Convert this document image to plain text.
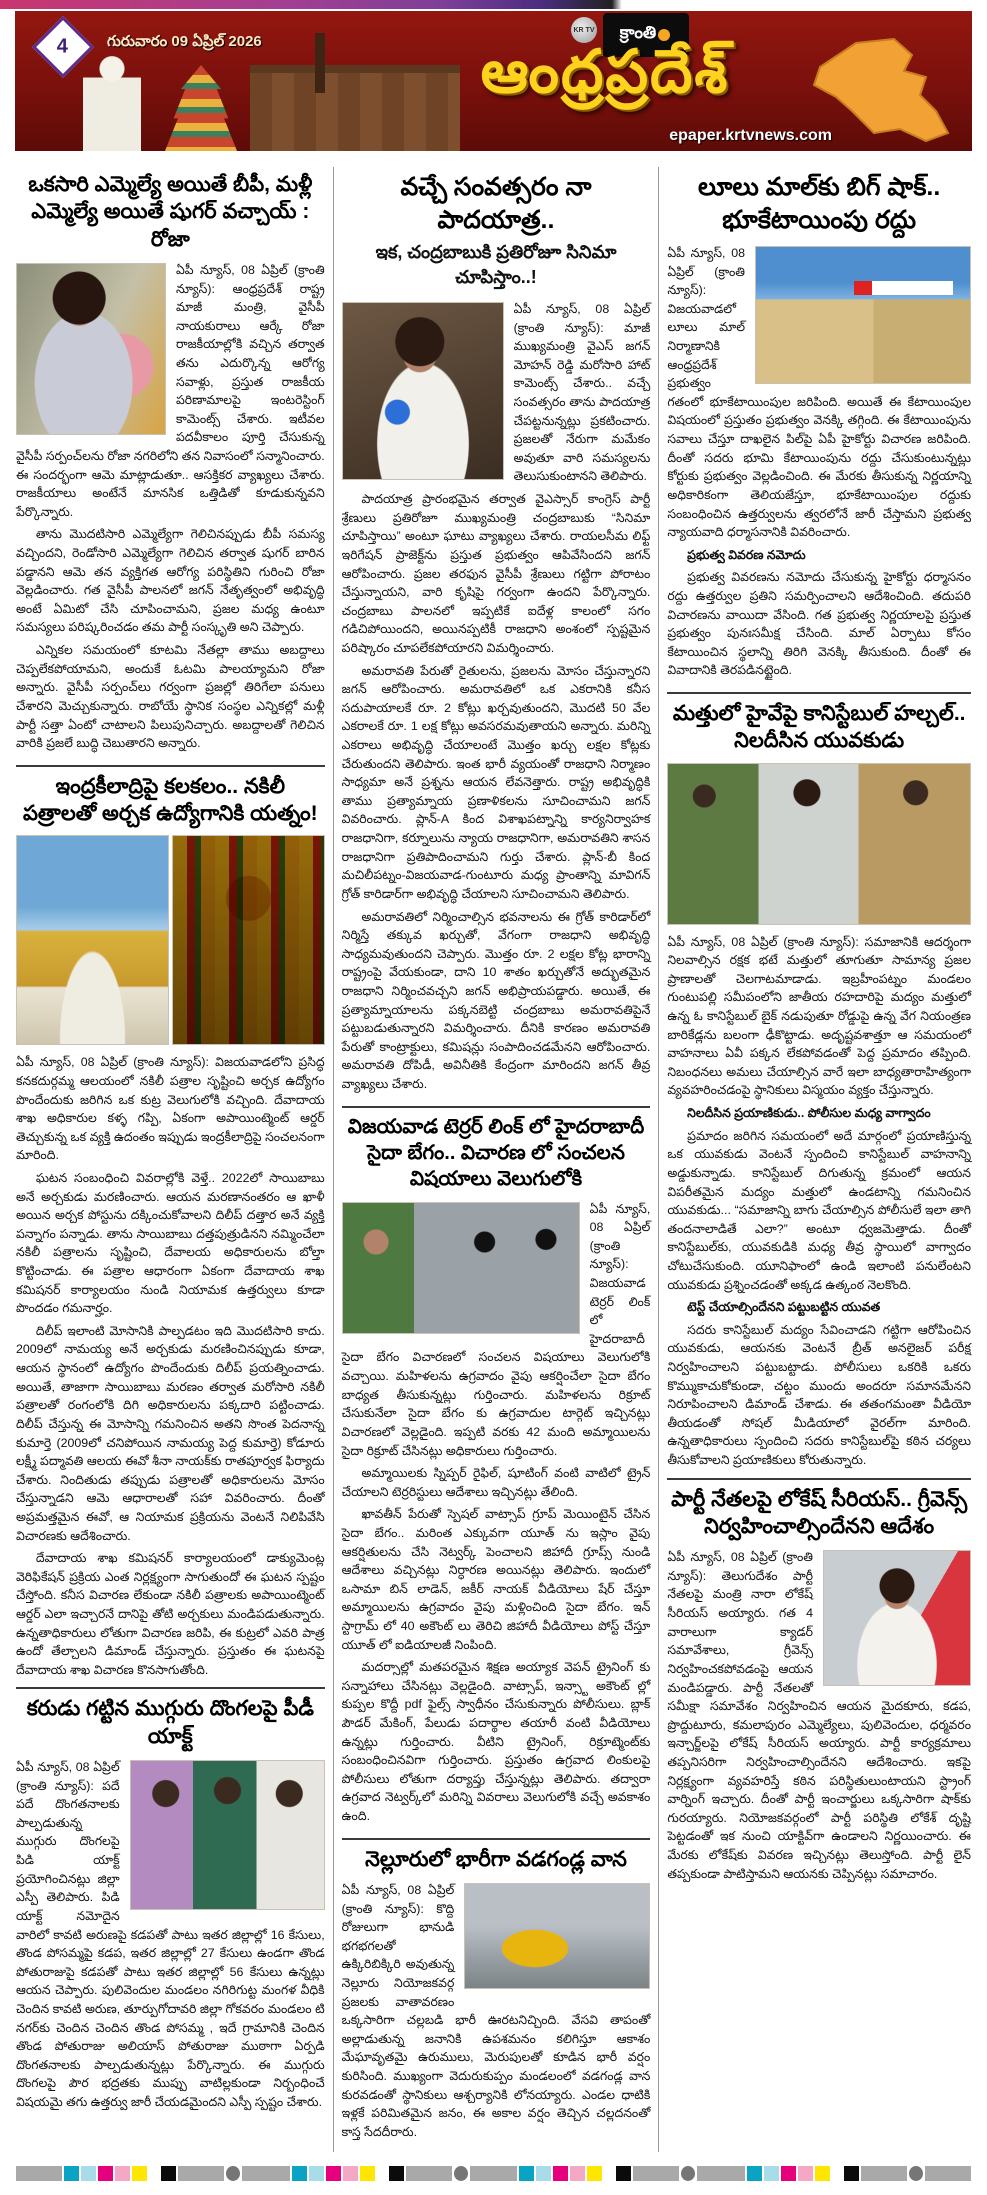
4	గురువారం 09 ఏప్రిల్ 2026
KR TV క్రాంతి
ఆంధ్రప్రదేశ్
epaper.krtvnews.com
ఒకసారి ఎమ్మెల్యే అయితే బీపీ, మళ్లీ ఎమ్మెల్యే అయితే షుగర్ వచ్చాయ్ : రోజా

ఏపీ న్యూస్, 08 ఏప్రిల్ (క్రాంతి న్యూస్): ఆంధ్రప్రదేశ్ రాష్ట్ర మాజీ మంత్రి, వైసీపీ నాయకురాలు ఆర్కే రోజా రాజకీయాల్లోకి వచ్చిన తర్వాత తను ఎదుర్కొన్న ఆరోగ్య సవాళ్లు, ప్రస్తుత రాజకీయ పరిణామాలపై ఇంటరెస్టింగ్ కామెంట్స్ చేశారు. ఇటీవల పదవీకాలం పూర్తి చేసుకున్న వైసీపీ సర్పంచ్‌లను రోజా నగరిలోని తన నివాసంలో సన్మానించారు. ఈ సందర్భంగా ఆమె మాట్లాడుతూ.. ఆసక్తికర వ్యాఖ్యలు చేశారు. రాజకీయాలు అంటేనే మానసిక ఒత్తిడితో కూడుకున్నవని పేర్కొన్నారు.

తాను మొదటిసారి ఎమ్మెల్యేగా గెలిచినప్పుడు బీపీ సమస్య వచ్చిందని, రెండోసారి ఎమ్మెల్యేగా గెలిచిన తర్వాత షుగర్ బారిన పడ్డానని ఆమె తన వ్యక్తిగత ఆరోగ్య పరిస్థితిని గురించి రోజా వెల్లడించారు. గత వైసీపీ పాలనలో జగన్ నేతృత్వంలో అభివృద్ధి అంటే ఏమిటో చేసి చూపించామని, ప్రజల మధ్య ఉంటూ సమస్యలు పరిష్కరించడం తమ పార్టీ సంస్కృతి అని చెప్పారు.

ఎన్నికల సమయంలో కూటమి నేతల్లా తాము అబద్దాలు చెప్పలేకపోయామని, అందుకే ఓటమి పాలయ్యామని రోజా అన్నారు. వైసీపీ సర్పంచ్‌లు గర్వంగా ప్రజల్లో తిరిగేలా పనులు చేశారని మెచ్చుకున్నారు. రాబోయే స్థానిక సంస్థల ఎన్నికల్లో మళ్లీ పార్టీ సత్తా ఏంటో చాటాలని పిలుపునిచ్చారు. అబద్దాలతో గెలిచిన వారికి ప్రజలే బుద్ధి చెబుతారని అన్నారు.

ఇంద్రకీలాద్రిపై కలకలం.. నకిలీ పత్రాలతో అర్చక ఉద్యోగానికి యత్నం!

ఏపీ న్యూస్, 08 ఏప్రిల్ (క్రాంతి న్యూస్): విజయవాడలోని ప్రసిద్ధ కనకదుర్గమ్మ ఆలయంలో నకిలీ పత్రాల సృష్టించి అర్చక ఉద్యోగం పొందేందుకు జరిగిన ఒక కుట్ర వెలుగులోకి వచ్చింది. దేవాదాయ శాఖ అధికారుల కళ్ళ గప్పి, ఏకంగా అపాయింట్మెంట్ ఆర్డర్ తెచ్చుకున్న ఒక వ్యక్తి ఉదంతం ఇప్పుడు ఇంద్రకీలాద్రిపై సంచలనంగా మారింది.

ఘటన సంబంధించి వివరాల్లోకి వెళ్తే.. 2022లో సాయిబాబు అనే అర్చకుడు మరణించారు. ఆయన మరణానంతరం ఆ ఖాళీ అయిన అర్చక పోస్టును దక్కించుకోవాలని దిలీప్ దత్తార అనే వ్యక్తి పన్నాగం పన్నాడు. తాను సాయిబాబు దత్తపుత్రుడినని నమ్మించేలా నకిలీ పత్రాలను సృష్టించి, దేవాలయ అధికారులను బోల్తా కొట్టించాడు. ఈ పత్రాల ఆధారంగా ఏకంగా దేవాదాయ శాఖ కమిషనర్ కార్యాలయం నుండి నియామక ఉత్తర్వులు కూడా పొందడం గమనార్హం.

దిలీప్ ఇలాంటి మోసానికి పాల్పడటం ఇది మొదటిసారి కాదు. 2009లో నామయ్య అనే అర్చకుడు మరణించినప్పుడు కూడా, ఆయన స్థానంలో ఉద్యోగం పొందేందుకు దిలీప్ ప్రయత్నించాడు. అయితే, తాజాగా సాయిబాబు మరణం తర్వాత మరోసారి నకిలీ పత్రాలతో రంగంలోకి దిగి అధికారులను పక్కదారి పట్టించాడు. దిలీప్ చేస్తున్న ఈ మోసాన్ని గమనించిన అతని సొంత పెదనాన్న కుమార్తె (2009లో చనిపోయిన నామయ్య పెద్ద కుమార్తె) కోడూరు లక్ష్మీ పద్మావతి ఆలయ ఈవో శీనా నాయక్‌కు రాతపూర్వక ఫిర్యాదు చేశారు. నిందితుడు తప్పుడు పత్రాలతో అధికారులను మోసం చేస్తున్నాడని ఆమె ఆధారాలతో సహా వివరించారు. దీంతో అప్రమత్తమైన ఈవో, ఆ నియామక ప్రక్రియను వెంటనే నిలిపివేసి విచారణకు ఆదేశించారు.

దేవాదాయ శాఖ కమిషనర్ కార్యాలయంలో డాక్యుమెంట్ల వెరిఫికేషన్ ప్రక్రియ ఎంత నిర్లక్ష్యంగా సాగుతుందో ఈ ఘటన స్పష్టం చేస్తోంది. కనీస విచారణ లేకుండా నకిలీ పత్రాలకు అపాయింట్మెంట్ ఆర్డర్ ఎలా ఇచ్చారనే దానిపై తోటి అర్చకులు మండిపడుతున్నారు. ఉన్నతాధికారులు లోతుగా విచారణ జరిపి, ఈ కుట్రలో ఎవరి పాత్ర ఉందో తేల్చాలని డిమాండ్ చేస్తున్నారు. ప్రస్తుతం ఈ ఘటనపై దేవాదాయ శాఖ విచారణ కొనసాగుతోంది.

కరుడు గట్టిన ముగ్గురు దొంగలపై పీడీ యాక్ట్

ఏపీ న్యూస్, 08 ఏప్రిల్ (క్రాంతి న్యూస్): పదే పదే దొంగతనాలకు పాల్పడుతున్న ముగ్గురు దొంగలపై పిడి యాక్ట్ ప్రయోగించినట్లు జిల్లా ఎస్పీ తెలిపారు. పిడి యాక్ట్ నమోదైన వారిలో కావటి అరుణపై కడపతో పాటు ఇతర జిల్లాల్లో 16 కేసులు, తొండ పోసమ్మపై కడప, ఇతర జిల్లాల్లో 27 కేసులు ఉండగా తొండ పోతురాజుపై కడపతో పాటు ఇతర జిల్లాల్లో 56 కేసులు ఉన్నట్లు ఆయన చెప్పారు. పులివెందుల మండలం నగిరిగుట్ట మంగళ వీధికి చెందిన కావటి అరుణ, తూర్పుగోదావరి జిల్లా గోకవరం మండలం టి నగర్‌కు చెందిన చెందిన తొండ పోసమ్మ , ఇదే గ్రామానికి చెందిన తొండ పోతురాజు అలియాస్ పోతురాజు ముఠాగా ఏర్పడి దొంగతనాలకు పాల్పడుతున్నట్లు పేర్కొన్నారు. ఈ ముగ్గురు దొంగలపై పౌర భద్రతకు ముప్పు వాటిల్లకుండా నిర్బంధించే విషయమై తగు ఉత్తర్వు జారీ చేయడమైందని ఎస్పీ స్పష్టం చేశారు.

వచ్చే సంవత్సరం నా పాదయాత్ర..
ఇక, చంద్రబాబుకి ప్రతిరోజూ సినిమా చూపిస్తాం..!

ఏపీ న్యూస్, 08 ఏప్రిల్ (క్రాంతి న్యూస్): మాజీ ముఖ్యమంత్రి వైఎస్ జగన్ మోహన్ రెడ్డి మరోసారి హాట్ కామెంట్స్ చేశారు.. వచ్చే సంవత్సరం తాను పాదయాత్ర చేపట్టనున్నట్లు ప్రకటించారు. ప్రజలతో నేరుగా మమేకం అవుతూ వారి సమస్యలను తెలుసుకుంటానని తెలిపారు.

పాదయాత్ర ప్రారంభమైన తర్వాత వైఎస్సార్ కాంగ్రెస్ పార్టీ శ్రేణులు ప్రతిరోజూ ముఖ్యమంత్రి చంద్రబాబుకు “సినిమా చూపిస్తాయి” అంటూ ఘాటు వ్యాఖ్యలు చేశారు. రాయలసీమ లిఫ్ట్ ఇరిగేషన్ ప్రాజెక్ట్‌ను ప్రస్తుత ప్రభుత్వం ఆపివేసిందని జగన్ ఆరోపించారు. ప్రజల తరఫున వైసీపీ శ్రేణులు గట్టిగా పోరాటం చేస్తున్నాయని, వారి కృషిపై గర్వంగా ఉందని పేర్కొన్నారు. చంద్రబాబు పాలనలో ఇప్పటికే ఐదేళ్ల కాలంలో సగం గడిచిపోయిందని, అయినప్పటికీ రాజధాని అంశంలో స్పష్టమైన పరిష్కారం చూపలేకపోయారని విమర్శించారు.

అమరావతి పేరుతో రైతులను, ప్రజలను మోసం చేస్తున్నారని జగన్ ఆరోపించారు. అమరావతిలో ఒక ఎకరానికి కనీస సదుపాయాలకే రూ. 2 కోట్లు ఖర్చవుతుందని, మొదటి 50 వేల ఎకరాలకే రూ. 1 లక్ష కోట్లు అవసరమవుతాయని అన్నారు. మరిన్ని ఎకరాలు అభివృద్ధి చేయాలంటే మొత్తం ఖర్చు లక్షల కోట్లకు చేరుతుందని తెలిపారు. ఇంత భారీ వ్యయంతో రాజధాని నిర్మాణం సాధ్యమా అనే ప్రశ్నను ఆయన లేవనెత్తారు. రాష్ట్ర అభివృద్ధికి తాము ప్రత్యామ్నాయ ప్రణాళికలను సూచించామని జగన్ వివరించారు. ప్లాన్-A కింద విశాఖపట్నాన్ని కార్యనిర్వాహక రాజధానిగా, కర్నూలును న్యాయ రాజధానిగా, అమరావతిని శాసన రాజధానిగా ప్రతిపాదించామని గుర్తు చేశారు. ప్లాన్-బీ కింద మచిలీపట్నం-విజయవాడ-గుంటూరు మధ్య ప్రాంతాన్ని మావిగన్ గ్రోత్ కారిడార్‌గా అభివృద్ధి చేయాలని సూచించామని తెలిపారు.

అమరావతిలో నిర్మించాల్సిన భవనాలను ఈ గ్రోత్ కారిడార్‌లో నిర్మిస్తే తక్కువ ఖర్చుతో, వేగంగా రాజధాని అభివృద్ధి సాధ్యమవుతుందని చెప్పారు. మొత్తం రూ. 2 లక్షల కోట్ల భారాన్ని రాష్ట్రంపై వేయకుండా, దాని 10 శాతం ఖర్చుతోనే అద్భుతమైన రాజధాని నిర్మించవచ్చని జగన్ అభిప్రాయపడ్డారు. అయితే, ఈ ప్రత్యామ్నాయాలను పక్కనబెట్టి చంద్రబాబు అమరావతిపైనే పట్టుబడుతున్నారని విమర్శించారు. దీనికి కారణం అమరావతి పేరుతో కాంట్రాక్టులు, కమిషన్లు సంపాదించడమేనని ఆరోపించారు. అమరావతి దోపిడీ, అవినీతికి కేంద్రంగా మారిందని జగన్ తీవ్ర వ్యాఖ్యలు చేశారు.

విజయవాడ టెర్రర్ లింక్ లో హైదరాబాదీ సైదా బేగం.. విచారణ లో సంచలన విషయాలు వెలుగులోకి

ఏపీ న్యూస్, 08 ఏప్రిల్ (క్రాంతి న్యూస్): విజయవాడ టెర్రర్ లింక్ లో హైదరాబాదీ సైదా బేగం విచారణలో సంచలన విషయాలు వెలుగులోకి వచ్చాయి. మహిళలను ఉగ్రవాదం వైపు ఆకర్షించేలా సైదా బేగం బాధ్యత తీసుకున్నట్లు గుర్తించారు. మహిళలను రిక్రూట్ చేసుకునేలా సైదా బేగం కు ఉగ్రవాదుల టార్గెట్ ఇచ్చినట్లు విచారణలో వెల్లడైంది. ఇప్పటి వరకు 42 మంది అమ్మాయిలను సైదా రిక్రూట్ చేసినట్లు అధికారులు గుర్తించారు.

అమ్మాయిలకు స్నిప్పర్ రైఫిల్, షూటింగ్ వంటి వాటిలో ట్రైన్ చేయాలని టెర్రరిస్టులు ఆదేశాలు ఇచ్చినట్లు తేలింది.

ఖావతీన్ పేరుతో స్పెషల్ వాట్సాప్ గ్రూప్ మెయింటైన్ చేసిన సైదా బేగం.. మరింత ఎక్కువగా యూత్ ను ఇస్లాం వైపు ఆకర్షితులను చేసి నెట్వర్క్ పెంచాలని జిహాదీ గ్రూప్స్ నుండి ఆదేశాలు వచ్చినట్లు నిర్ధారణ అయినట్లు తెలిపారు. ఇందులో ఒసామా బిన్ లాడెన్, జకీర్ నాయక్ వీడియోలు షేర్ చేస్తూ అమ్మాయిలను ఉగ్రవాదం వైపు మళ్లించింది సైదా బేగం. ఇన్ స్టాగ్రామ్ లో 40 అకౌంట్ లు తెరిచి జిహాదీ వీడియోలు పోస్ట్ చేస్తూ యూత్ లో ఐడియాలజీ నింపింది.

మదర్సాల్లో మతపరమైన శిక్షణ అయ్యాక వెపన్ ట్రైనింగ్ కు సన్నాహాలు చేసినట్లు వెల్లడైంది. వాట్సాప్, ఇన్స్టా అకౌంట్ ల్లో కుప్పల కొద్దీ pdf ఫైల్స్ స్వాధీనం చేసుకున్నారు పోలీసులు. బ్లాక్ పౌడర్ మేకింగ్, పేలుడు పదార్థాల తయారీ వంటి వీడియోలు ఉన్నట్లు గుర్తించారు. వీటిని ట్రైనింగ్, రిక్రూట్మెంట్‌కు సంబంధించినవిగా గుర్తించారు. ప్రస్తుతం ఉగ్రవాద లింకులపై పోలీసులు లోతుగా దర్యాప్తు చేస్తున్నట్లు తెలిపారు. తద్వారా ఉగ్రవాద నెట్వర్క్‌లో మరిన్ని వివరాలు వెలుగులోకి వచ్చే అవకాశం ఉంది.

నెల్లూరులో భారీగా వడగండ్ల వాన

ఏపీ న్యూస్, 08 ఏప్రిల్ (క్రాంతి న్యూస్): కొద్ది రోజులుగా భానుడి భగభగలతో ఉక్కిరిబిక్కిరి అవుతున్న నెల్లూరు నియోజకవర్గ ప్రజలకు వాతావరణం ఒక్కసారిగా చల్లబడి భారీ ఊరటనిచ్చింది. వేసవి తాపంతో అల్లాడుతున్న జనానికి ఉపశమనం కలిగిస్తూ ఆకాశం మేఘావృతమై ఉరుములు, మెరుపులతో కూడిన భారీ వర్షం కురిసింది. ముఖ్యంగా వెదురుకుప్పం మండలంలో వడగండ్ల వాన కురవడంతో స్థానికులు ఆశ్చర్యానికి లోనయ్యారు. ఎండల ధాటికి ఇళ్లకే పరిమితమైన జనం, ఈ అకాల వర్షం తెచ్చిన చల్లదనంతో కాస్త సేదదీరారు.

లూలు మాల్‌కు బిగ్ షాక్.. భూకేటాయింపు రద్దు

ఏపీ న్యూస్, 08 ఏప్రిల్ (క్రాంతి న్యూస్): విజయవాడలో లూలు మాల్ నిర్మాణానికి ఆంధ్రప్రదేశ్ ప్రభుత్వం గతంలో భూకేటాయింపుల జరిపింది. అయితే ఈ కేటాయింపుల విషయంలో ప్రస్తుతం ప్రభుత్వం వెనక్కి తగ్గింది. ఈ కేటాయింపును సవాలు చేస్తూ దాఖలైన పిల్‌పై ఏపీ హైకోర్టు విచారణ జరిపింది. దీంతో సదరు భూమి కేటాయింపును రద్దు చేసుకుంటున్నట్లు కోర్టుకు ప్రభుత్వం వెల్లడించింది. ఈ మేరకు తీసుకున్న నిర్ణయాన్ని అధికారికంగా తెలియజేస్తూ, భూకేటాయింపుల రద్దుకు సంబంధించిన ఉత్తర్వులను త్వరలోనే జారీ చేస్తామని ప్రభుత్వ న్యాయవాది ధర్మాసనానికి వివరించారు.

ప్రభుత్వ వివరణ నమోదు

ప్రభుత్వ వివరణను నమోదు చేసుకున్న హైకోర్టు ధర్మాసనం రద్దు ఉత్తర్వుల ప్రతిని సమర్పించాలని ఆదేశించింది. తదుపరి విచారణను వాయిదా వేసింది. గత ప్రభుత్వ నిర్ణయాలపై ప్రస్తుత ప్రభుత్వం పునఃసమీక్ష చేసింది. మాల్ ఏర్పాటు కోసం కేటాయించిన స్థలాన్ని తిరిగి వెనక్కి తీసుకుంది. దీంతో ఈ వివాదానికి తెరపడినట్టైంది.

మత్తులో హైవేపై కానిస్టేబుల్ హల్చల్.. నిలదీసిన యువకుడు

ఏపీ న్యూస్, 08 ఏప్రిల్ (క్రాంతి న్యూస్): సమాజానికి ఆదర్శంగా నిలవాల్సిన రక్షక భటే మత్తులో తూగుతూ సామాన్య ప్రజల ప్రాణాలతో చెలగాటమాడాడు. ఇబ్రహీంపట్నం మండలం గుంటుపల్లి సమీపంలోని జాతీయ రహదారిపై మద్యం మత్తులో ఉన్న ఓ కానిస్టేబుల్ బైక్ నడుపుతూ రోడ్డుపై ఉన్న వేగ నియంత్రణ బారికేడ్లను బలంగా ఢీకొట్టాడు. అదృష్టవశాత్తూ ఆ సమయంలో వాహనాలు ఏవీ పక్కన లేకపోవడంతో పెద్ద ప్రమాదం తప్పింది. నిబంధనలు అమలు చేయాల్సిన వారే ఇలా బాధ్యతారాహిత్యంగా వ్యవహరించడంపై స్థానికులు విస్మయం వ్యక్తం చేస్తున్నారు.

నిలదీసిన ప్రయాణికుడు.. పోలీసుల మధ్య వాగ్వాదం

ప్రమాదం జరిగిన సమయంలో అదే మార్గంలో ప్రయాణిస్తున్న ఒక యువకుడు వెంటనే స్పందించి కానిస్టేబుల్ వాహనాన్ని అడ్డుకున్నాడు. కానిస్టేబుల్ దిగుతున్న క్రమంలో ఆయన విపరీతమైన మద్యం మత్తులో ఉండటాన్ని గమనించిన యువకుడు... “సమాజాన్ని బాగు చేయాల్సిన పోలీసులే ఇలా తాగి తందనాలాడితే ఎలా?” అంటూ ధ్వజమెత్తాడు. దీంతో కానిస్టేబుల్‌కు, యువకుడికి మధ్య తీవ్ర స్థాయిలో వాగ్వాదం చోటుచేసుకుంది. యూనిఫాంలో ఉండి ఇలాంటి పనులేంటని యువకుడు ప్రశ్నించడంతో అక్కడ ఉత్కంఠ నెలకొంది.

టెస్ట్ చేయాల్సిందేనని పట్టుబట్టిన యువత

సదరు కానిస్టేబుల్ మద్యం సేవించాడని గట్టిగా ఆరోపించిన యువకుడు, ఆయనకు వెంటనే బ్రీత్ అనలైజర్ పరీక్ష నిర్వహించాలని పట్టుబట్టాడు. పోలీసులు ఒకరికి ఒకరు కొమ్ముకాచుకోకుండా, చట్టం ముందు అందరూ సమానమేనని నిరూపించాలని డిమాండ్ చేశాడు. ఈ తతంగమంతా వీడియో తీయడంతో సోషల్ మీడియాలో వైరల్‌గా మారింది. ఉన్నతాధికారులు స్పందించి సదరు కానిస్టేబుల్‌పై కఠిన చర్యలు తీసుకోవాలని ప్రయాణికులు కోరుతున్నారు.

పార్టీ నేతలపై లోకేష్ సీరియస్.. గ్రీవెన్స్ నిర్వహించాల్సిందేనని ఆదేశం

ఏపీ న్యూస్, 08 ఏప్రిల్ (క్రాంతి న్యూస్): తెలుగుదేశం పార్టీ నేతలపై మంత్రి నారా లోకేష్ సీరియస్ అయ్యారు. గత 4 వారాలుగా క్యాడర్ సమావేశాలు, గ్రీవెన్స్ నిర్వహించకపోవడంపై ఆయన మండిపడ్డారు. పార్టీ నేతలతో సమీక్షా సమావేశం నిర్వహించిన ఆయన మైదకూరు, కడప, ప్రొద్దుటూరు, కమలాపురం ఎమ్మెల్యేలు, పులివెందుల, ధర్మవరం ఇన్చార్జ్‌లపై లోకేష్ సీరియస్ అయ్యారు. పార్టీ కార్యక్రమాలు తప్పనిసరిగా నిర్వహించాల్సిందేనని ఆదేశించారు. ఇకపై నిర్లక్ష్యంగా వ్యవహరిస్తే కఠిన పరిస్థితులుంటాయని స్ట్రాంగ్ వార్నింగ్ ఇచ్చారు. దీంతో పార్టీ ఇంచార్జులు ఒక్కసారిగా షాక్‌కు గురయ్యారు. నియోజకవర్గంలో పార్టీ పరిస్థితి లోకేశ్ దృష్టి పెట్టడంతో ఇక నుంచి యాక్టివ్‌గా ఉండాలని నిర్ణయించారు. ఈ మేరకు లోకేష్‌కు వివరణ ఇచ్చినట్లు తెలుస్తోంది. పార్టీ లైన్ తప్పకుండా పాటిస్తామని ఆయనకు చెప్పినట్లు సమాచారం.
